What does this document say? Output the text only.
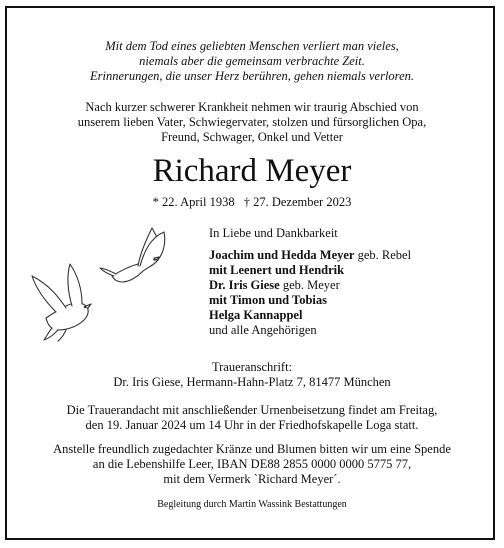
Mit dem Tod eines geliebten Menschen verliert man vieles,
niemals aber die gemeinsam verbrachte Zeit.
Erinnerungen, die unser Herz berühren, gehen niemals verloren.
Nach kurzer schwerer Krankheit nehmen wir traurig Abschied von
unserem lieben Vater, Schwiegervater, stolzen und fürsorglichen Opa,
Freund, Schwager, Onkel und Vetter
Richard Meyer
* 22. April 1938 † 27. Dezember 2023
In Liebe und Dankbarkeit
Joachim und Hedda Meyer geb. Rebel
mit Leenert und Hendrik
Dr. Iris Giese geb. Meyer
mit Timon und Tobias
Helga Kannappel
und alle Angehörigen
Traueranschrift:
Dr. Iris Giese, Hermann-Hahn-Platz 7, 81477 München
Die Trauerandacht mit anschließender Urnenbeisetzung findet am Freitag,
den 19. Januar 2024 um 14 Uhr in der Friedhofskapelle Loga statt.
Anstelle freundlich zugedachter Kränze und Blumen bitten wir um eine Spende
an die Lebenshilfe Leer, IBAN DE88 2855 0000 0000 5775 77,
mit dem Vermerk `Richard Meyer´.
Begleitung durch Martin Wassink Bestattungen
